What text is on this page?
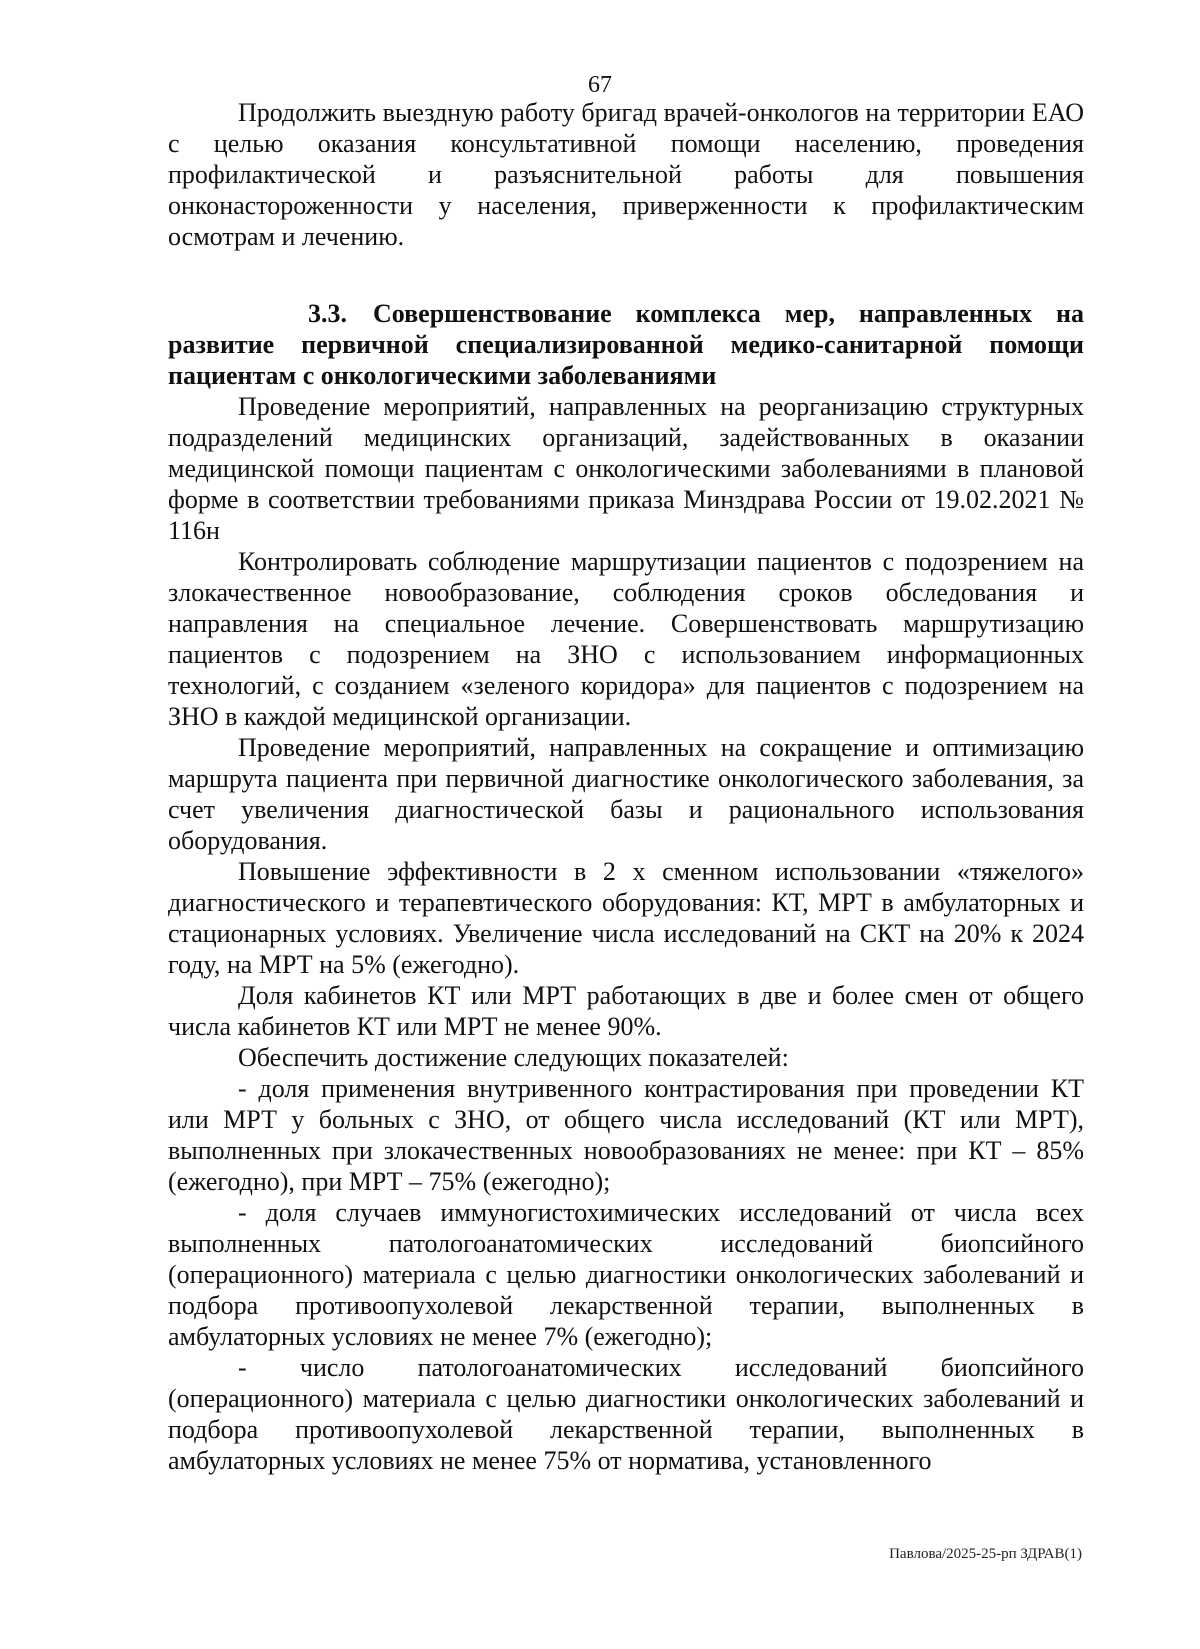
67

Продолжить выездную работу бригад врачей-онкологов на территории ЕАО с целью оказания консультативной помощи населению, проведения профилактической и разъяснительной работы для повышения онконастороженности у населения, приверженности к профилактическим осмотрам и лечению.

3.3. Совершенствование комплекса мер, направленных на развитие первичной специализированной медико-санитарной помощи пациентам с онкологическими заболеваниями

Проведение мероприятий, направленных на реорганизацию структурных подразделений медицинских организаций, задействованных в оказании медицинской помощи пациентам с онкологическими заболеваниями в плановой форме в соответствии требованиями приказа Минздрава России от 19.02.2021 № 116н

Контролировать соблюдение маршрутизации пациентов с подозрением на злокачественное новообразование, соблюдения сроков обследования и направления на специальное лечение. Совершенствовать маршрутизацию пациентов с подозрением на ЗНО с использованием информационных технологий, с созданием «зеленого коридора» для пациентов с подозрением на ЗНО в каждой медицинской организации.

Проведение мероприятий, направленных на сокращение и оптимизацию маршрута пациента при первичной диагностике онкологического заболевания, за счет увеличения диагностической базы и рационального использования оборудования.

Повышение эффективности в 2 х сменном использовании «тяжелого» диагностического и терапевтического оборудования: КТ, МРТ в амбулаторных и стационарных условиях. Увеличение числа исследований на СКТ на 20% к 2024 году, на МРТ на 5% (ежегодно).

Доля кабинетов КТ или МРТ работающих в две и более смен от общего числа кабинетов КТ или МРТ не менее 90%.

Обеспечить достижение следующих показателей:

- доля применения внутривенного контрастирования при проведении КТ или МРТ у больных с ЗНО, от общего числа исследований (КТ или МРТ), выполненных при злокачественных новообразованиях не менее: при КТ – 85% (ежегодно), при МРТ – 75% (ежегодно);

- доля случаев иммуногистохимических исследований от числа всех выполненных патологоанатомических исследований биопсийного (операционного) материала с целью диагностики онкологических заболеваний и подбора противоопухолевой лекарственной терапии, выполненных в амбулаторных условиях не менее 7% (ежегодно);

- число патологоанатомических исследований биопсийного (операционного) материала с целью диагностики онкологических заболеваний и подбора противоопухолевой лекарственной терапии, выполненных в амбулаторных условиях не менее 75% от норматива, установленного

Павлова/2025-25-рп ЗДРАВ(1)
